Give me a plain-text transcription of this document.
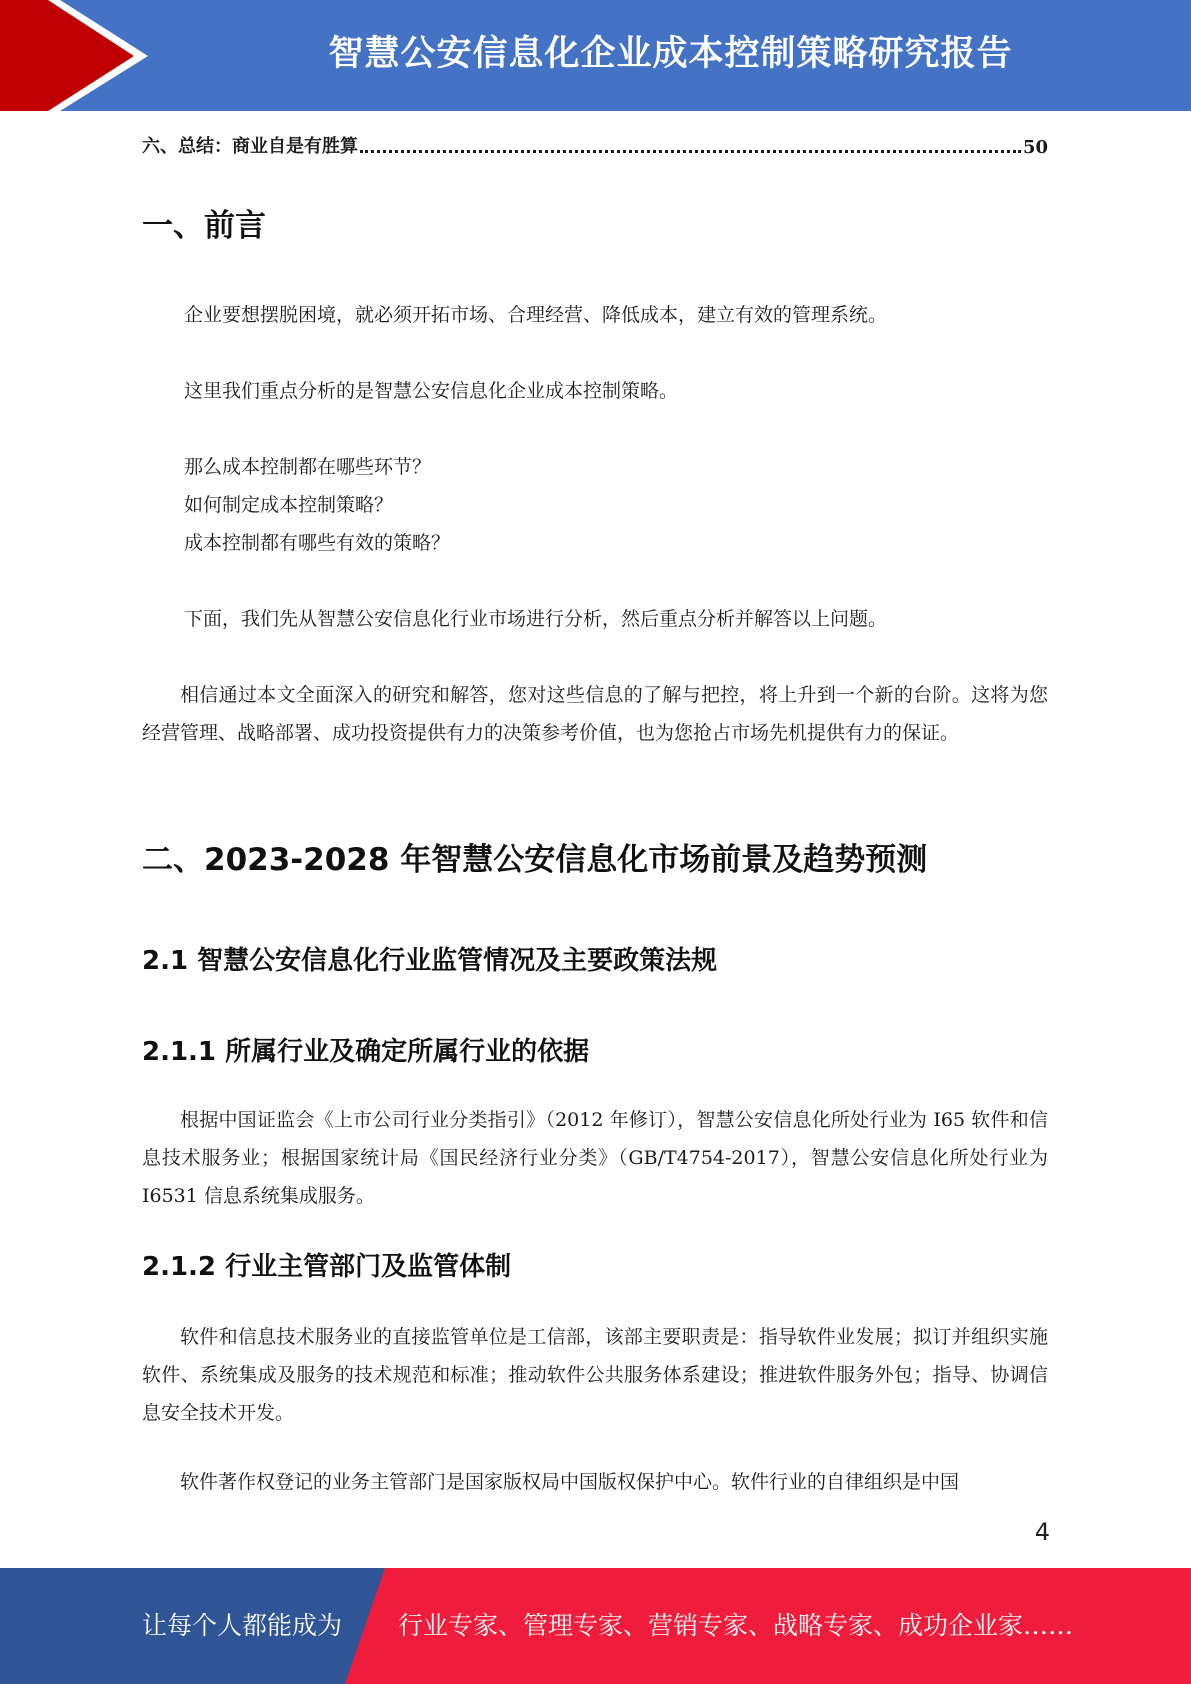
智慧公安信息化企业成本控制策略研究报告
六、总结：商业自是有胜算	50
一、前言
企业要想摆脱困境，就必须开拓市场、合理经营、降低成本，建立有效的管理系统。
这里我们重点分析的是智慧公安信息化企业成本控制策略。
那么成本控制都在哪些环节？
如何制定成本控制策略？
成本控制都有哪些有效的策略？
下面，我们先从智慧公安信息化行业市场进行分析，然后重点分析并解答以上问题。

相信通过本文全面深入的研究和解答，您对这些信息的了解与把控，将上升到一个新的台阶。这将为您经营管理、战略部署、成功投资提供有力的决策参考价值，也为您抢占市场先机提供有力的保证。

二、2023-2028 年智慧公安信息化市场前景及趋势预测
2.1 智慧公安信息化行业监管情况及主要政策法规
2.1.1 所属行业及确定所属行业的依据

根据中国证监会《上市公司行业分类指引》（2012 年修订），智慧公安信息化所处行业为 I65 软件和信息技术服务业；根据国家统计局《国民经济行业分类》（GB/T4754-2017），智慧公安信息化所处行业为 I6531 信息系统集成服务。

2.1.2 行业主管部门及监管体制

软件和信息技术服务业的直接监管单位是工信部，该部主要职责是：指导软件业发展；拟订并组织实施软件、系统集成及服务的技术规范和标准；推动软件公共服务体系建设；推进软件服务外包；指导、协调信息安全技术开发。

软件著作权登记的业务主管部门是国家版权局中国版权保护中心。软件行业的自律组织是中国

4
让每个人都能成为 行业专家、管理专家、营销专家、战略专家、成功企业家……
